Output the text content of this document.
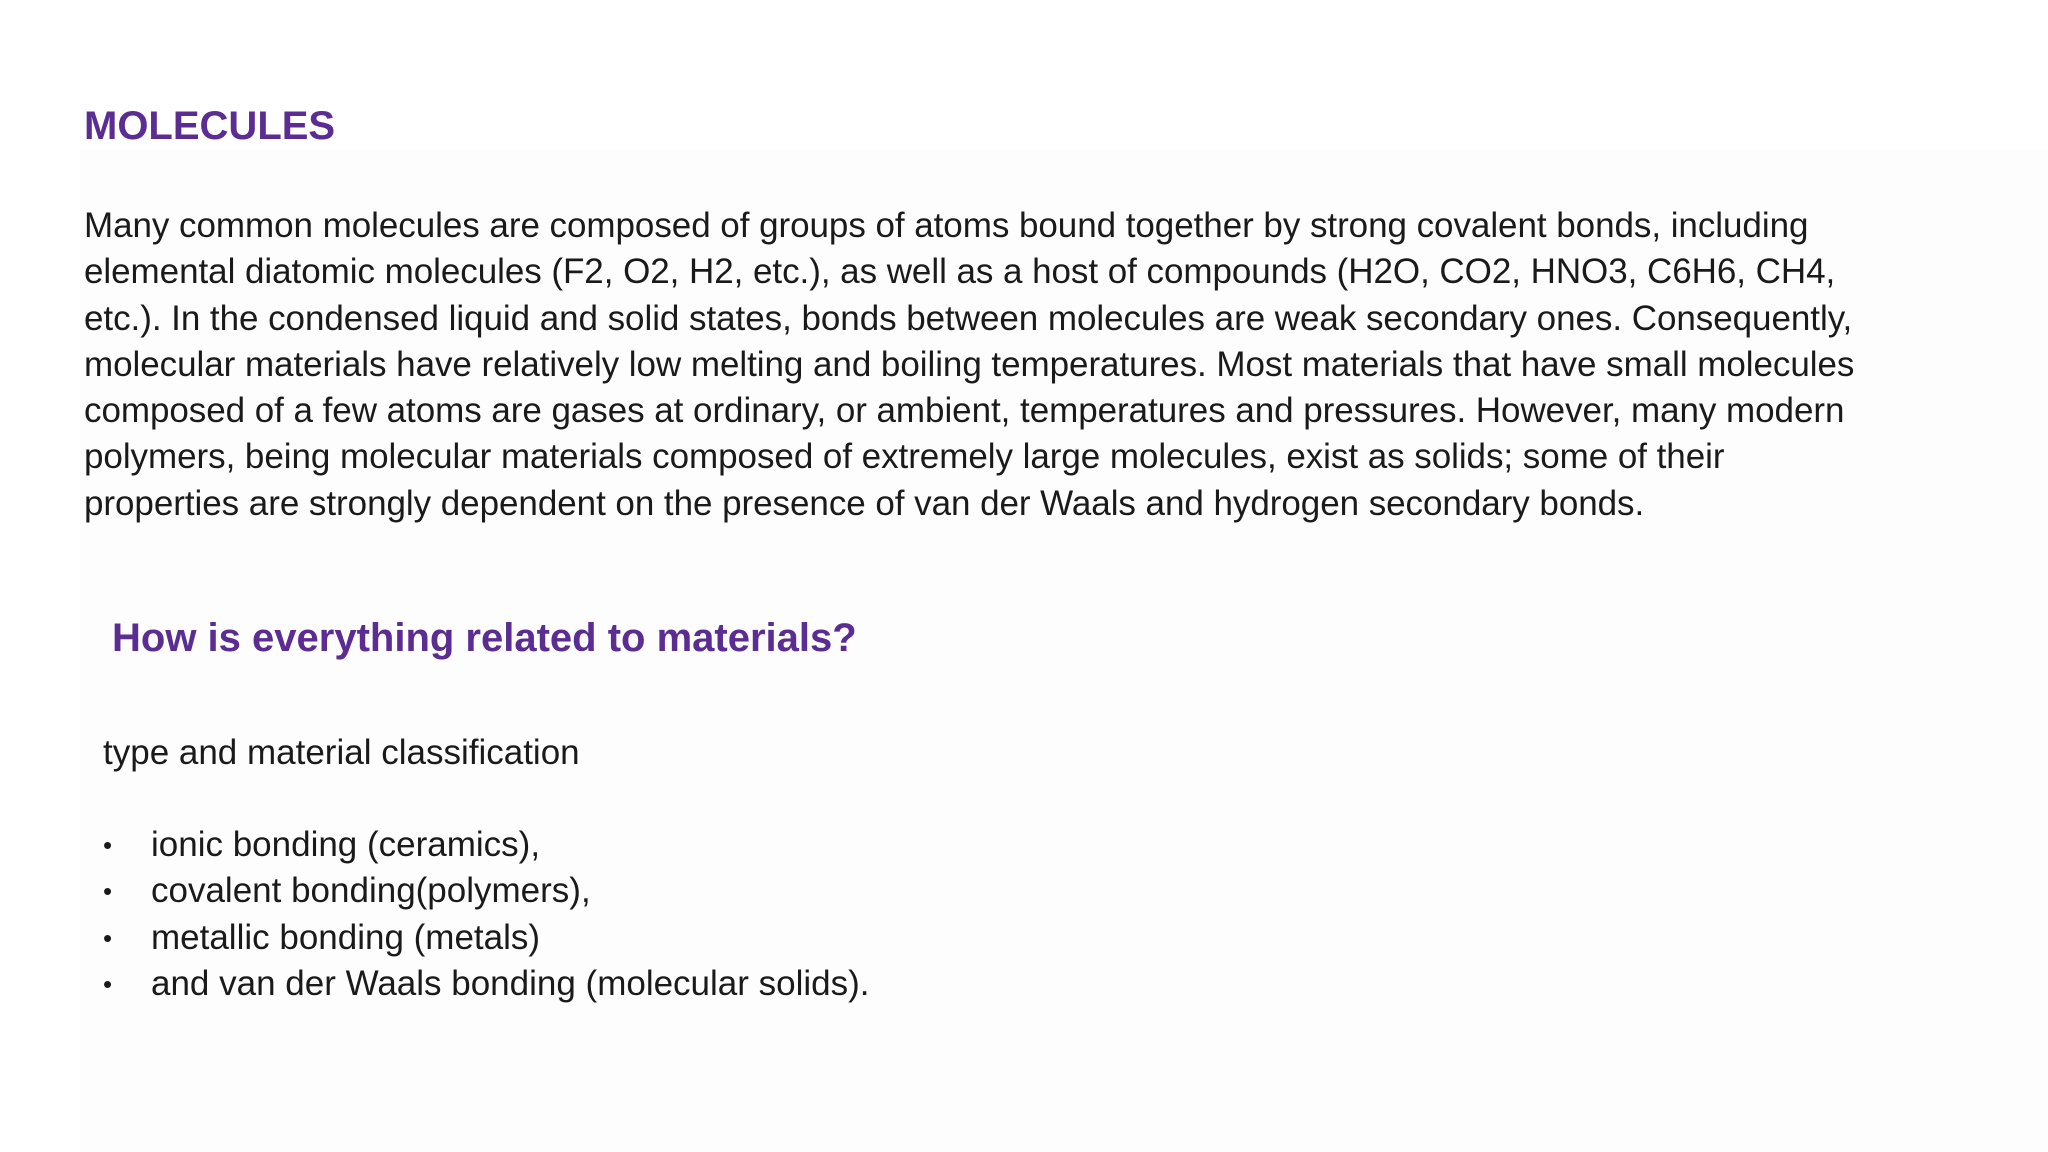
MOLECULES

Many common molecules are composed of groups of atoms bound together by strong covalent bonds, including
elemental diatomic molecules (F2, O2, H2, etc.), as well as a host of compounds (H2O, CO2, HNO3, C6H6, CH4,
etc.). In the condensed liquid and solid states, bonds between molecules are weak secondary ones. Consequently,
molecular materials have relatively low melting and boiling temperatures. Most materials that have small molecules
composed of a few atoms are gases at ordinary, or ambient, temperatures and pressures. However, many modern
polymers, being molecular materials composed of extremely large molecules, exist as solids; some of their
properties are strongly dependent on the presence of van der Waals and hydrogen secondary bonds.

How is everything related to materials?

type and material classification

•	ionic bonding (ceramics),
•	covalent bonding(polymers),
•	metallic bonding (metals)
•	and van der Waals bonding (molecular solids).
